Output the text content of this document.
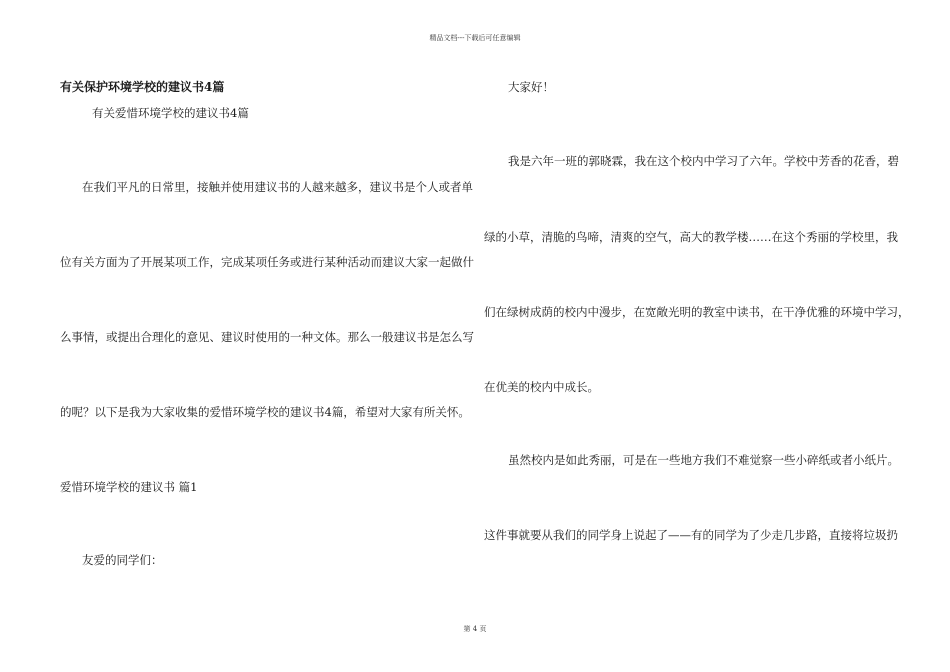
精品文档---下载后可任意编辑
有关保护环境学校的建议书4篇
有关爱惜环境学校的建议书4篇
在我们平凡的日常里，接触并使用建议书的人越来越多，建议书是个人或者单
位有关方面为了开展某项工作，完成某项任务或进行某种活动而建议大家一起做什
么事情，或提出合理化的意见、建议时使用的一种文体。那么一般建议书是怎么写
的呢？以下是我为大家收集的爱惜环境学校的建议书4篇，希望对大家有所关怀。
爱惜环境学校的建议书 篇1
友爱的同学们：
大家好！
我是六年一班的郭晓霖，我在这个校内中学习了六年。学校中芳香的花香，碧
绿的小草，清脆的鸟啼，清爽的空气，高大的教学楼……在这个秀丽的学校里，我
们在绿树成荫的校内中漫步，在宽敞光明的教室中读书，在干净优雅的环境中学习，
在优美的校内中成长。
虽然校内是如此秀丽，可是在一些地方我们不难觉察一些小碎纸或者小纸片。
这件事就要从我们的同学身上说起了——有的同学为了少走几步路，直接将垃圾扔
第 4 页
